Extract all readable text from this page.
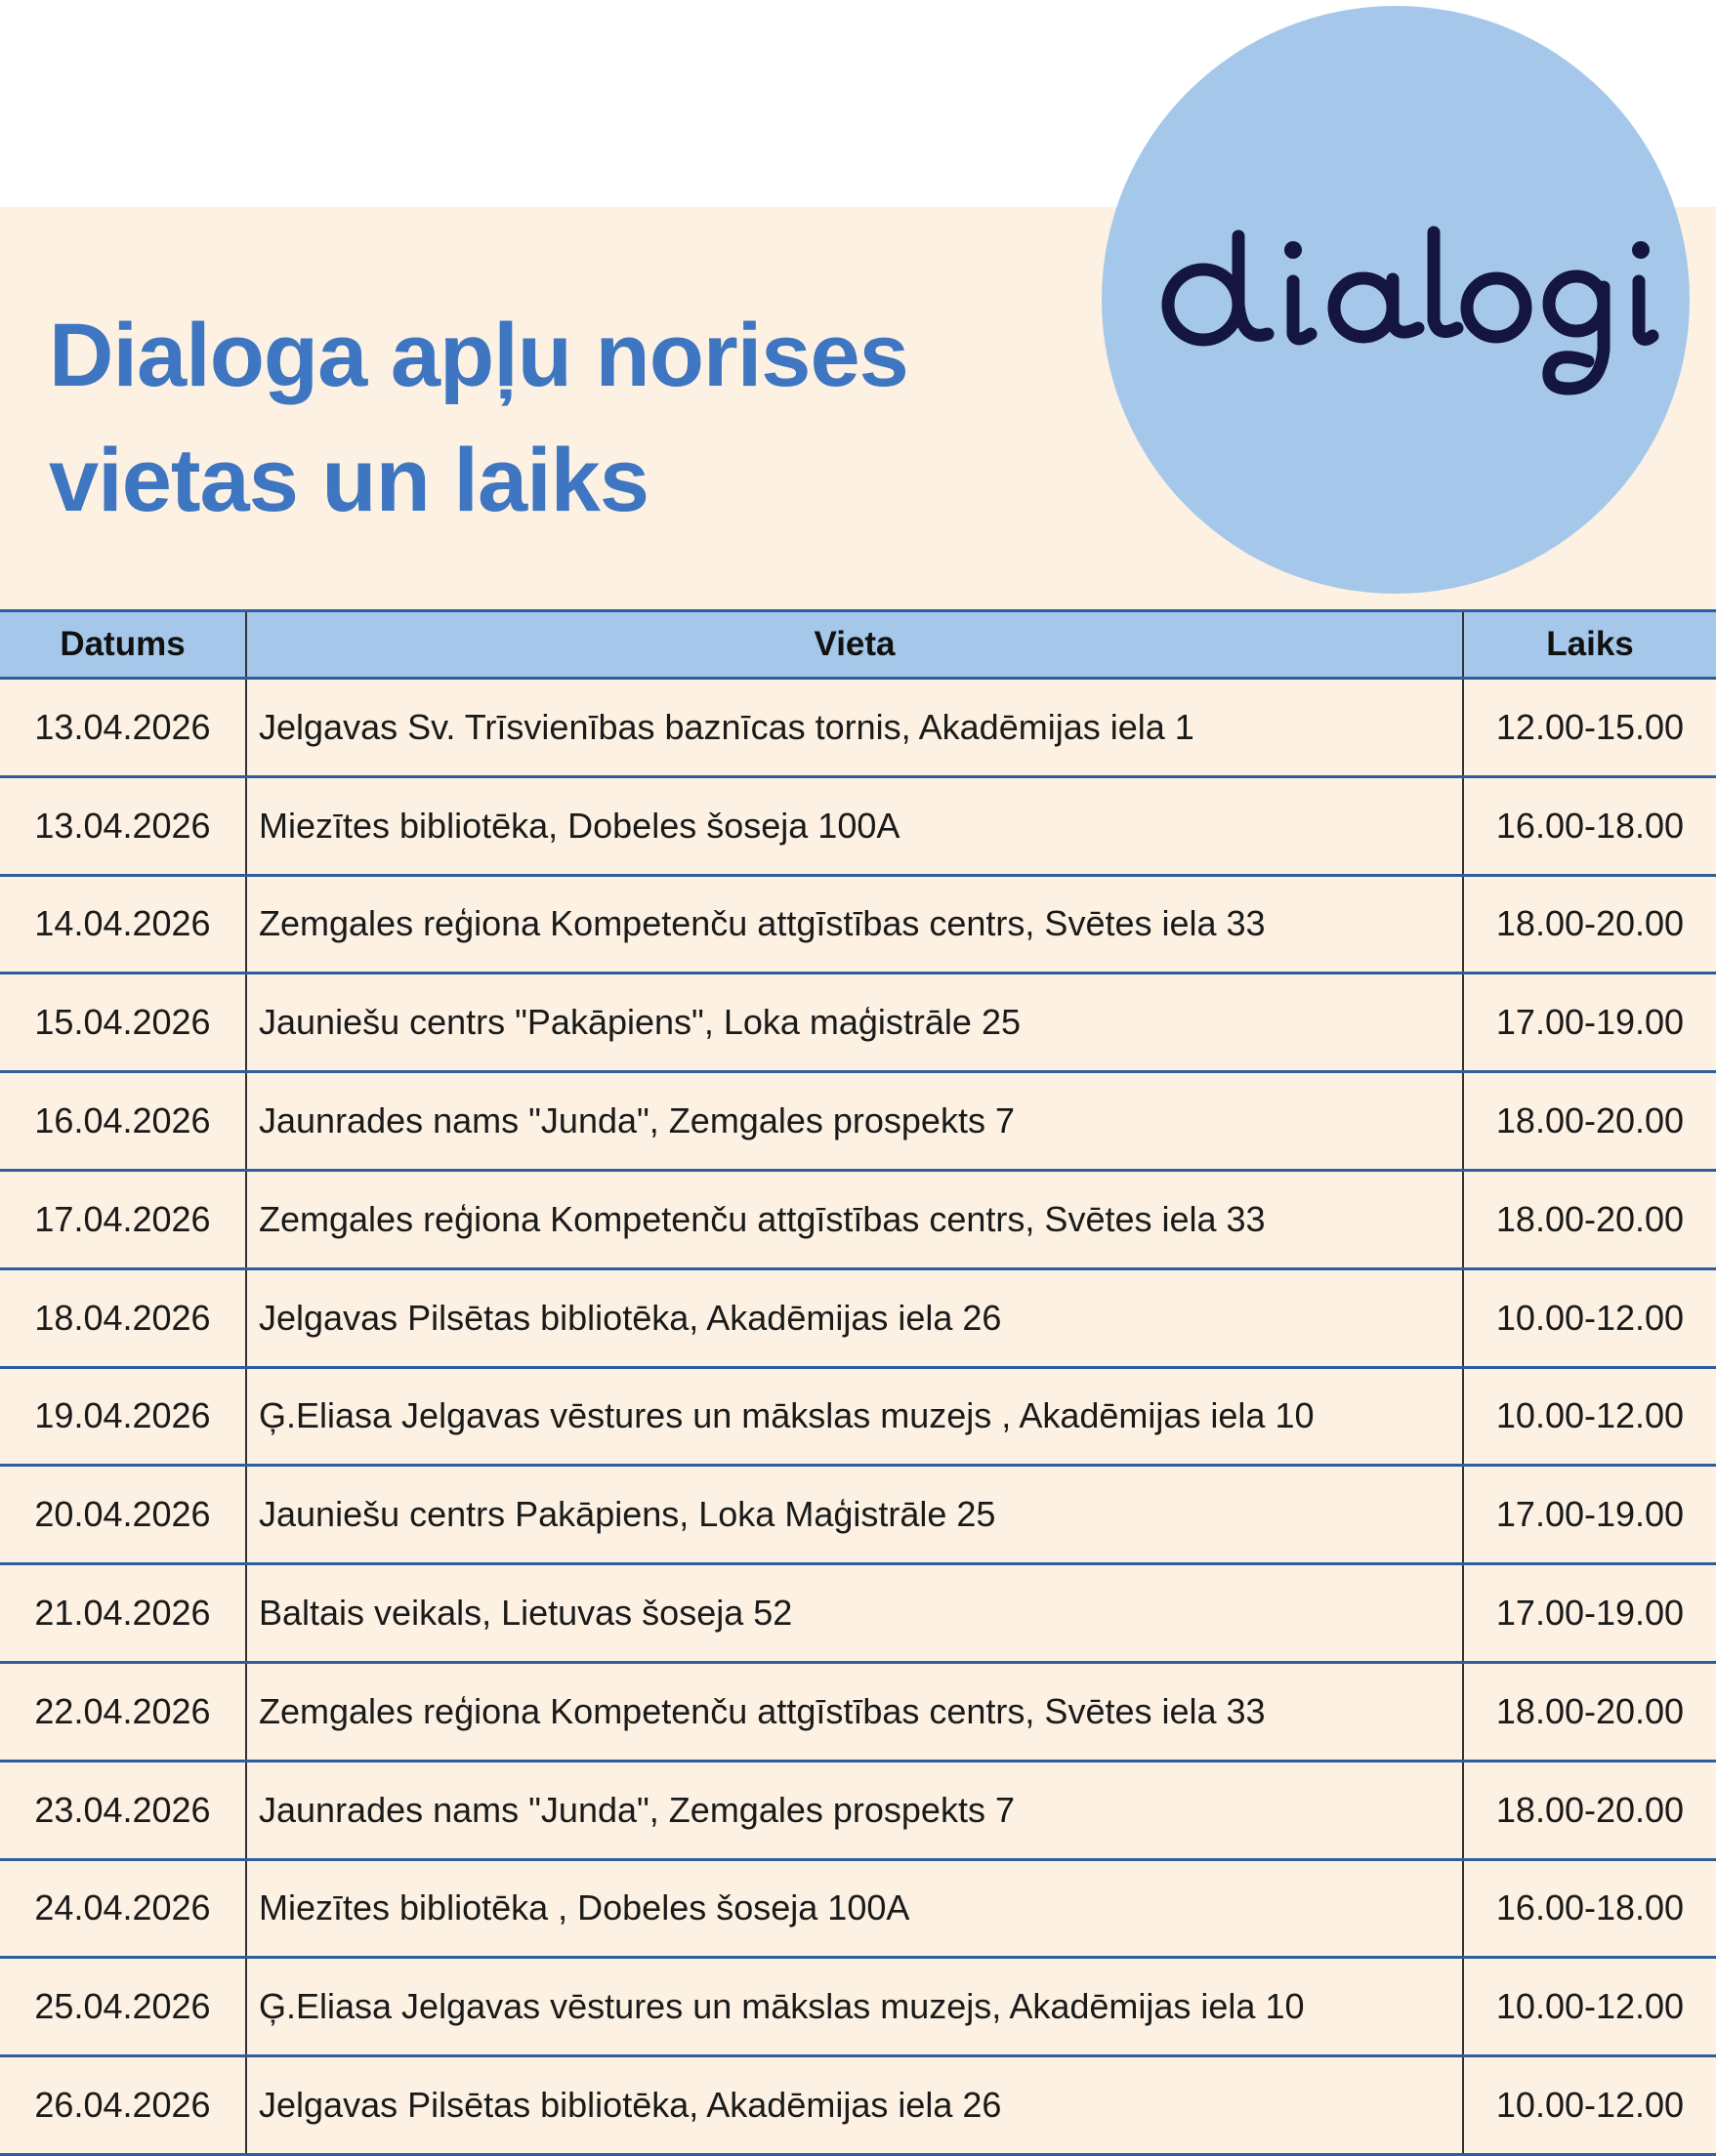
Dialoga apļu norises
vietas un laiks
Datums	Vieta	Laiks
13.04.2026	Jelgavas Sv. Trīsvienības baznīcas tornis, Akadēmijas iela 1	12.00-15.00
13.04.2026	Miezītes bibliotēka, Dobeles šoseja 100A	16.00-18.00
14.04.2026	Zemgales reģiona Kompetenču attgīstības centrs, Svētes iela 33	18.00-20.00
15.04.2026	Jauniešu centrs "Pakāpiens", Loka maģistrāle 25	17.00-19.00
16.04.2026	Jaunrades nams "Junda", Zemgales prospekts 7	18.00-20.00
17.04.2026	Zemgales reģiona Kompetenču attgīstības centrs, Svētes iela 33	18.00-20.00
18.04.2026	Jelgavas Pilsētas bibliotēka, Akadēmijas iela 26	10.00-12.00
19.04.2026	Ģ.Eliasa Jelgavas vēstures un mākslas muzejs , Akadēmijas iela 10	10.00-12.00
20.04.2026	Jauniešu centrs Pakāpiens, Loka Maģistrāle 25	17.00-19.00
21.04.2026	Baltais veikals, Lietuvas šoseja 52	17.00-19.00
22.04.2026	Zemgales reģiona Kompetenču attgīstības centrs, Svētes iela 33	18.00-20.00
23.04.2026	Jaunrades nams "Junda", Zemgales prospekts 7	18.00-20.00
24.04.2026	Miezītes bibliotēka , Dobeles šoseja 100A	16.00-18.00
25.04.2026	Ģ.Eliasa Jelgavas vēstures un mākslas muzejs, Akadēmijas iela 10	10.00-12.00
26.04.2026	Jelgavas Pilsētas bibliotēka, Akadēmijas iela 26	10.00-12.00
